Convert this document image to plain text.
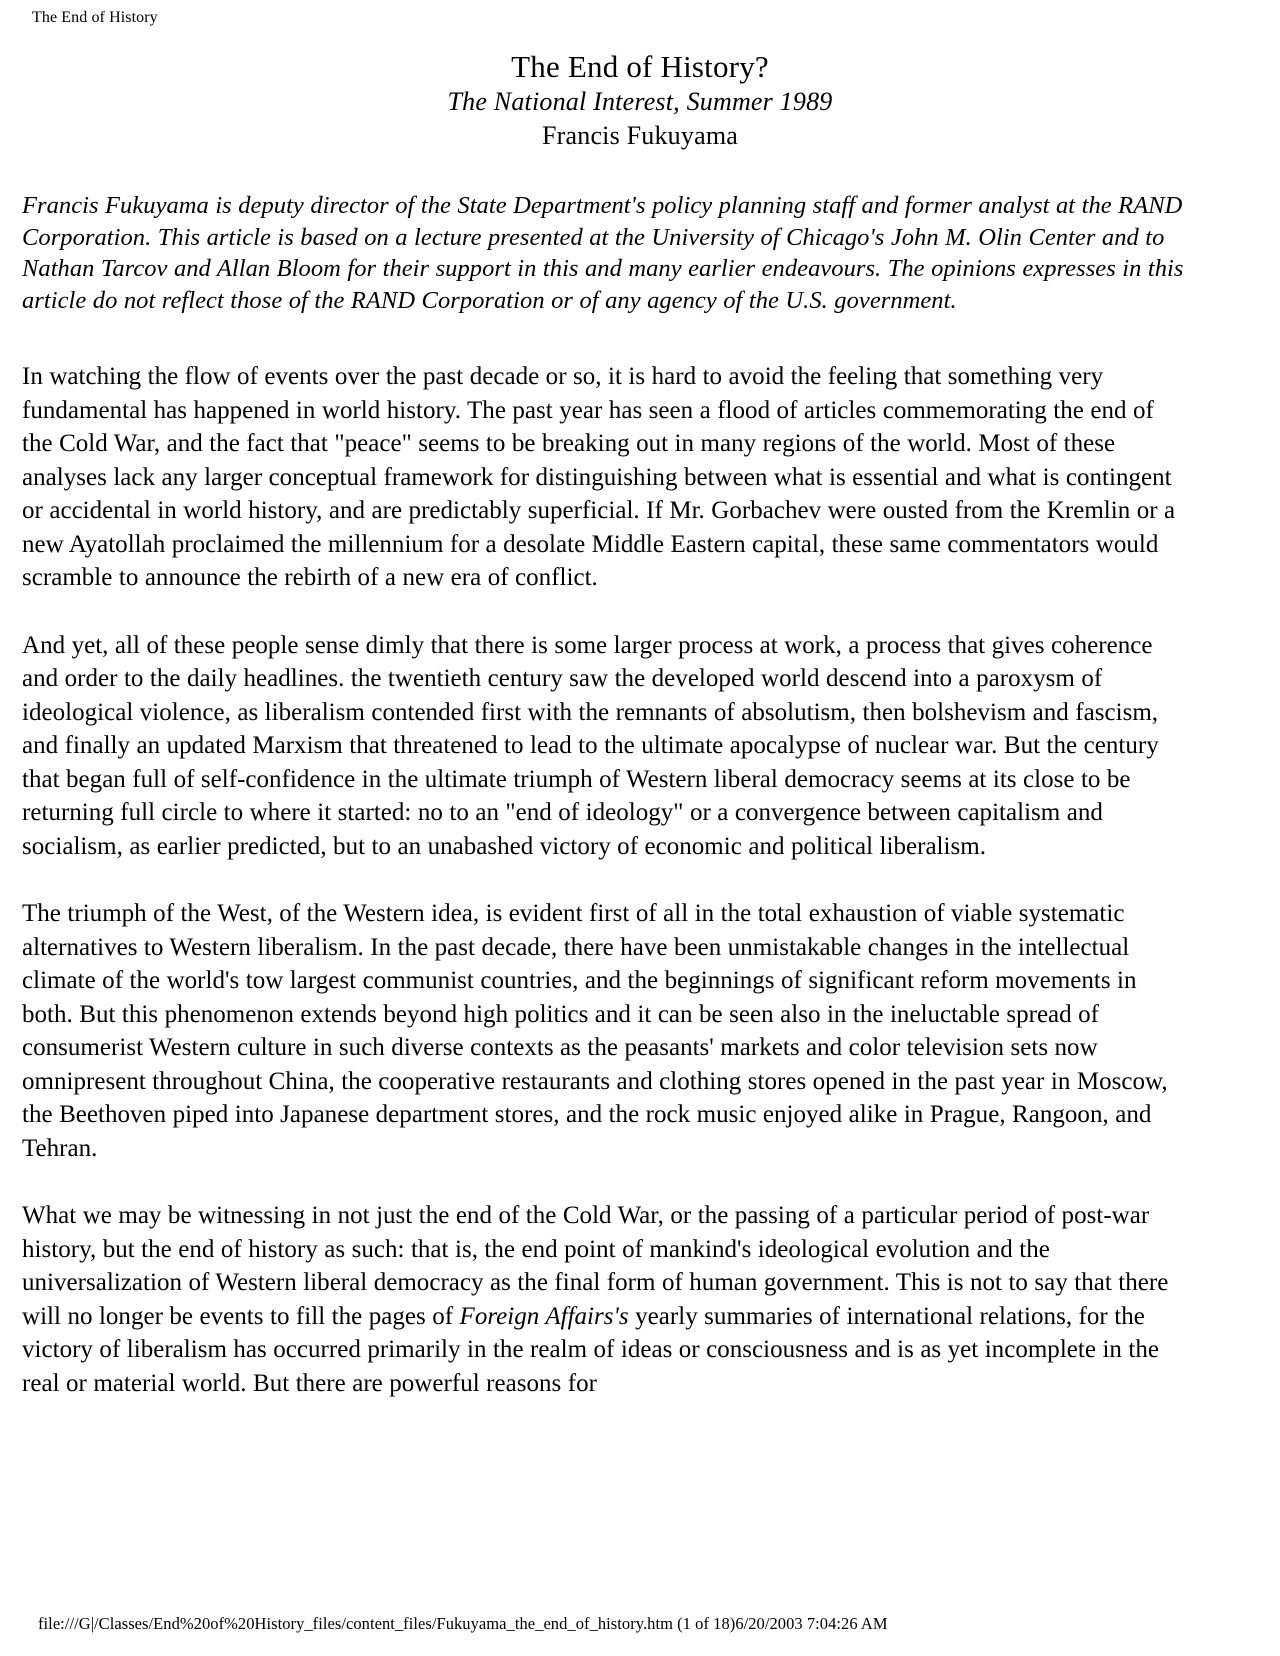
The End of History
The End of History?
The National Interest, Summer 1989
Francis Fukuyama

Francis Fukuyama is deputy director of the State Department's policy planning staff and former analyst at the RAND Corporation. This article is based on a lecture presented at the University of Chicago's John M. Olin Center and to Nathan Tarcov and Allan Bloom for their support in this and many earlier endeavours. The opinions expresses in this article do not reflect those of the RAND Corporation or of any agency of the U.S. government.

In watching the flow of events over the past decade or so, it is hard to avoid the feeling that something very fundamental has happened in world history. The past year has seen a flood of articles commemorating the end of the Cold War, and the fact that "peace" seems to be breaking out in many regions of the world. Most of these analyses lack any larger conceptual framework for distinguishing between what is essential and what is contingent or accidental in world history, and are predictably superficial. If Mr. Gorbachev were ousted from the Kremlin or a new Ayatollah proclaimed the millennium for a desolate Middle Eastern capital, these same commentators would scramble to announce the rebirth of a new era of conflict.

And yet, all of these people sense dimly that there is some larger process at work, a process that gives coherence and order to the daily headlines. the twentieth century saw the developed world descend into a paroxysm of ideological violence, as liberalism contended first with the remnants of absolutism, then bolshevism and fascism, and finally an updated Marxism that threatened to lead to the ultimate apocalypse of nuclear war. But the century that began full of self-confidence in the ultimate triumph of Western liberal democracy seems at its close to be returning full circle to where it started: no to an "end of ideology" or a convergence between capitalism and socialism, as earlier predicted, but to an unabashed victory of economic and political liberalism.

The triumph of the West, of the Western idea, is evident first of all in the total exhaustion of viable systematic alternatives to Western liberalism. In the past decade, there have been unmistakable changes in the intellectual climate of the world's tow largest communist countries, and the beginnings of significant reform movements in both. But this phenomenon extends beyond high politics and it can be seen also in the ineluctable spread of consumerist Western culture in such diverse contexts as the peasants' markets and color television sets now omnipresent throughout China, the cooperative restaurants and clothing stores opened in the past year in Moscow, the Beethoven piped into Japanese department stores, and the rock music enjoyed alike in Prague, Rangoon, and Tehran.

What we may be witnessing in not just the end of the Cold War, or the passing of a particular period of post-war history, but the end of history as such: that is, the end point of mankind's ideological evolution and the universalization of Western liberal democracy as the final form of human government. This is not to say that there will no longer be events to fill the pages of Foreign Affairs's yearly summaries of international relations, for the victory of liberalism has occurred primarily in the realm of ideas or consciousness and is as yet incomplete in the real or material world. But there are powerful reasons for

file:///G|/Classes/End%20of%20History_files/content_files/Fukuyama_the_end_of_history.htm (1 of 18)6/20/2003 7:04:26 AM
